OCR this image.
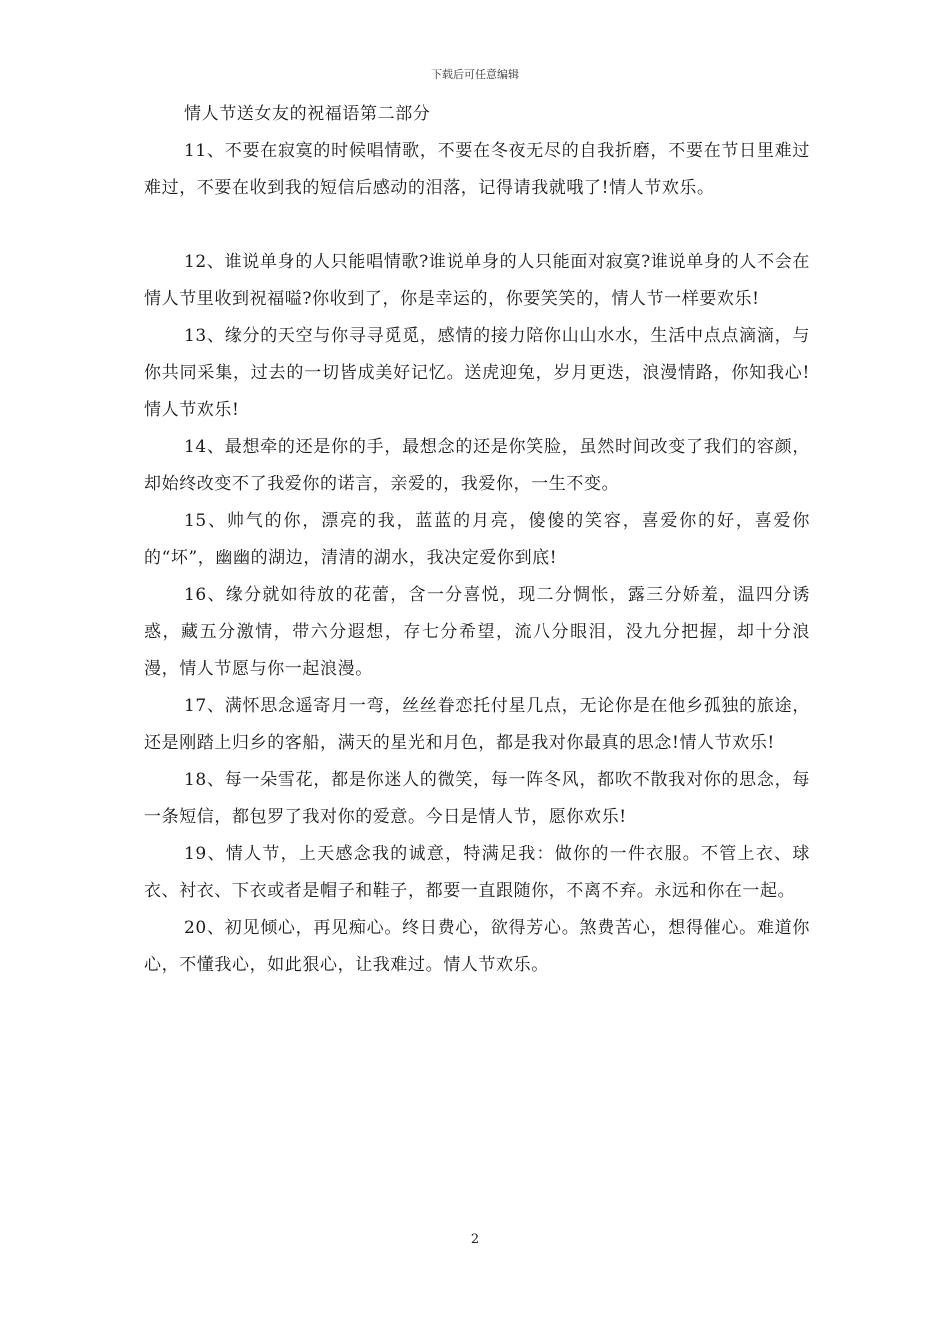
下载后可任意编辑

情人节送女友的祝福语第二部分

11、不要在寂寞的时候唱情歌，不要在冬夜无尽的自我折磨，不要在节日里难过难过，不要在收到我的短信后感动的泪落，记得请我就哦了!情人节欢乐。

12、谁说单身的人只能唱情歌?谁说单身的人只能面对寂寞?谁说单身的人不会在情人节里收到祝福嗌?你收到了，你是幸运的，你要笑笑的，情人节一样要欢乐!

13、缘分的天空与你寻寻觅觅，感情的接力陪你山山水水，生活中点点滴滴，与你共同采集，过去的一切皆成美好记忆。送虎迎兔，岁月更迭，浪漫情路，你知我心!情人节欢乐!

14、最想牵的还是你的手，最想念的还是你笑脸，虽然时间改变了我们的容颜，却始终改变不了我爱你的诺言，亲爱的，我爱你，一生不变。

15、帅气的你，漂亮的我，蓝蓝的月亮，傻傻的笑容，喜爱你的好，喜爱你的“坏”，幽幽的湖边，清清的湖水，我决定爱你到底!

16、缘分就如待放的花蕾，含一分喜悦，现二分惆怅，露三分娇羞，温四分诱惑，藏五分激情，带六分遐想，存七分希望，流八分眼泪，没九分把握，却十分浪漫，情人节愿与你一起浪漫。

17、满怀思念遥寄月一弯，丝丝眷恋托付星几点，无论你是在他乡孤独的旅途，还是刚踏上归乡的客船，满天的星光和月色，都是我对你最真的思念!情人节欢乐!

18、每一朵雪花，都是你迷人的微笑，每一阵冬风，都吹不散我对你的思念，每一条短信，都包罗了我对你的爱意。今日是情人节，愿你欢乐!

19、情人节，上天感念我的诚意，特满足我：做你的一件衣服。不管上衣、球衣、衬衣、下衣或者是帽子和鞋子，都要一直跟随你，不离不弃。永远和你在一起。

20、初见倾心，再见痴心。终日费心，欲得芳心。煞费苦心，想得催心。难道你心，不懂我心，如此狠心，让我难过。情人节欢乐。

2
